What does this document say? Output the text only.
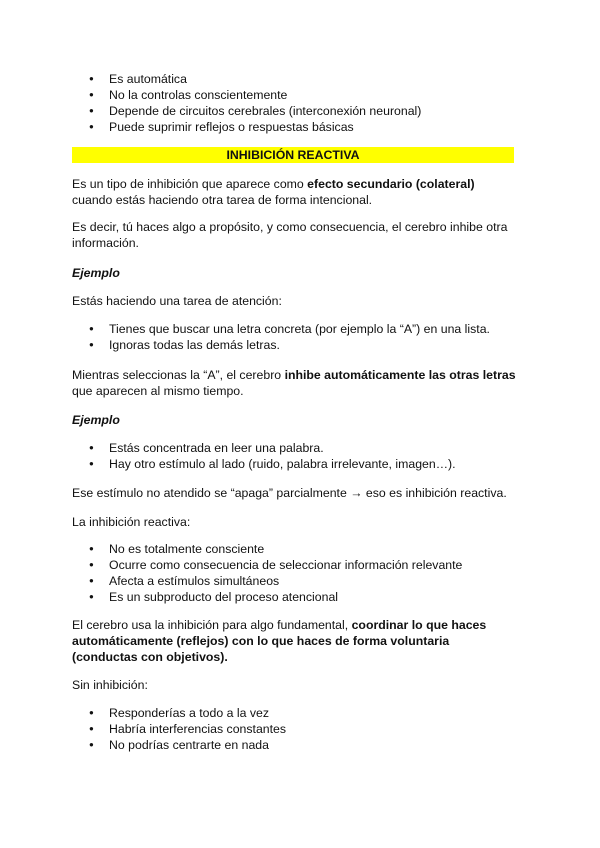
● Es automática
● No la controlas conscientemente
● Depende de circuitos cerebrales (interconexión neuronal)
● Puede suprimir reflejos o respuestas básicas
INHIBICIÓN REACTIVA

Es un tipo de inhibición que aparece como efecto secundario (colateral) cuando estás haciendo otra tarea de forma intencional.

Es decir, tú haces algo a propósito, y como consecuencia, el cerebro inhibe otra información.

Ejemplo

Estás haciendo una tarea de atención:

● Tienes que buscar una letra concreta (por ejemplo la “A”) en una lista.
● Ignoras todas las demás letras.

Mientras seleccionas la “A”, el cerebro inhibe automáticamente las otras letras que aparecen al mismo tiempo.

Ejemplo

● Estás concentrada en leer una palabra.
● Hay otro estímulo al lado (ruido, palabra irrelevante, imagen…).

Ese estímulo no atendido se “apaga” parcialmente → eso es inhibición reactiva.

La inhibición reactiva:

● No es totalmente consciente
● Ocurre como consecuencia de seleccionar información relevante
● Afecta a estímulos simultáneos
● Es un subproducto del proceso atencional

El cerebro usa la inhibición para algo fundamental, coordinar lo que haces automáticamente (reflejos) con lo que haces de forma voluntaria (conductas con objetivos).

Sin inhibición:

● Responderías a todo a la vez
● Habría interferencias constantes
● No podrías centrarte en nada
